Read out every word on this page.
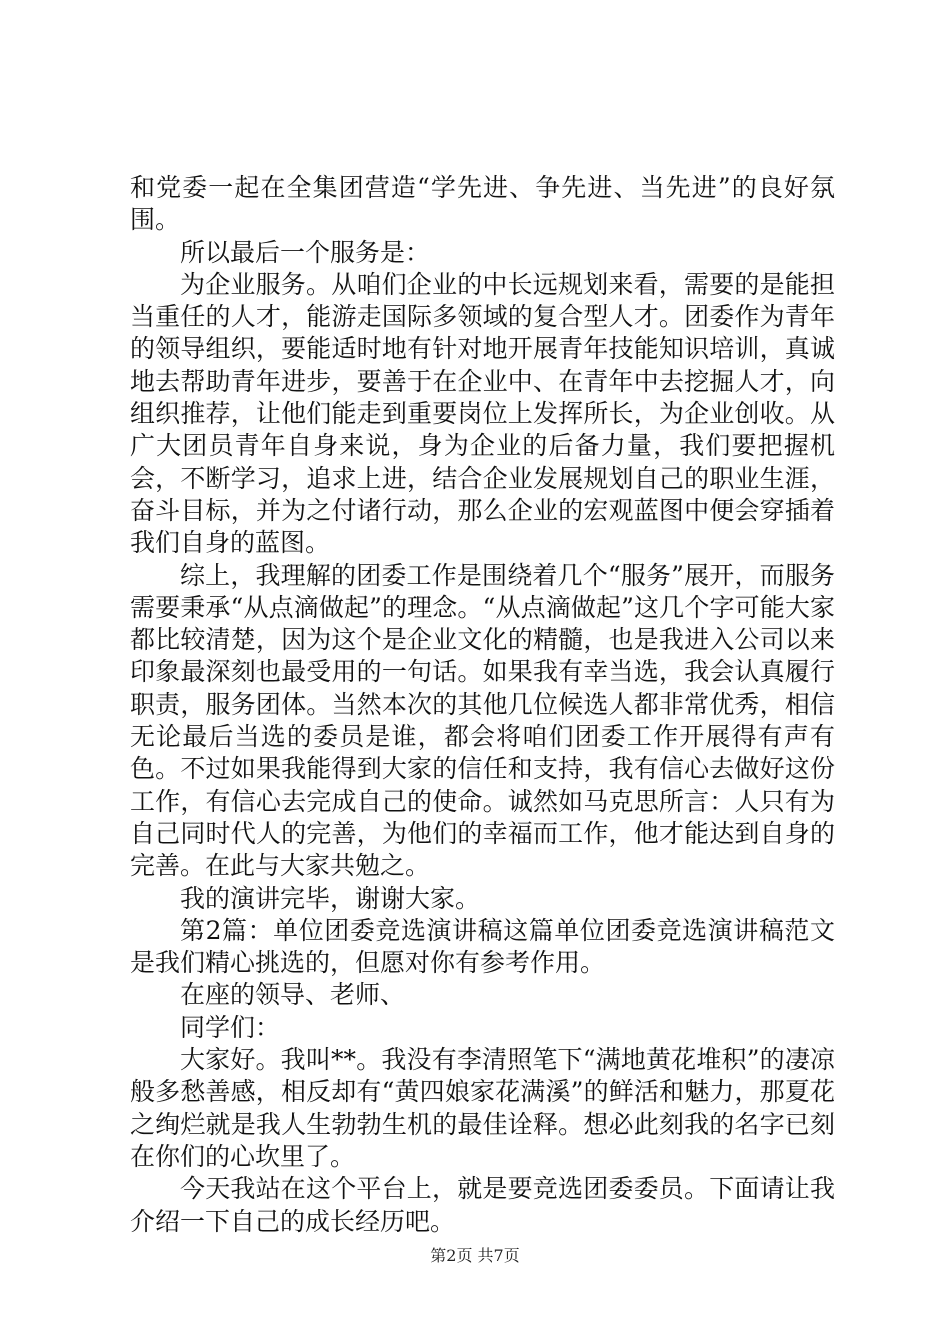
和党委一起在全集团营造“学先进、争先进、当先进”的良好氛围。

所以最后一个服务是：

为企业服务。从咱们企业的中长远规划来看，需要的是能担当重任的人才，能游走国际多领域的复合型人才。团委作为青年的领导组织，要能适时地有针对地开展青年技能知识培训，真诚地去帮助青年进步，要善于在企业中、在青年中去挖掘人才，向组织推荐，让他们能走到重要岗位上发挥所长，为企业创收。从广大团员青年自身来说，身为企业的后备力量，我们要把握机会，不断学习，追求上进，结合企业发展规划自己的职业生涯，奋斗目标，并为之付诸行动，那么企业的宏观蓝图中便会穿插着我们自身的蓝图。

综上，我理解的团委工作是围绕着几个“服务”展开，而服务需要秉承“从点滴做起”的理念。“从点滴做起”这几个字可能大家都比较清楚，因为这个是企业文化的精髓，也是我进入公司以来印象最深刻也最受用的一句话。如果我有幸当选，我会认真履行职责，服务团体。当然本次的其他几位候选人都非常优秀，相信无论最后当选的委员是谁，都会将咱们团委工作开展得有声有色。不过如果我能得到大家的信任和支持，我有信心去做好这份工作，有信心去完成自己的使命。诚然如马克思所言：人只有为自己同时代人的完善，为他们的幸福而工作，他才能达到自身的完善。在此与大家共勉之。

我的演讲完毕，谢谢大家。

第2篇：单位团委竞选演讲稿这篇单位团委竞选演讲稿范文是我们精心挑选的，但愿对你有参考作用。

在座的领导、老师、

同学们：

大家好。我叫**。我没有李清照笔下“满地黄花堆积”的凄凉般多愁善感，相反却有“黄四娘家花满溪”的鲜活和魅力，那夏花之绚烂就是我人生勃勃生机的最佳诠释。想必此刻我的名字已刻在你们的心坎里了。

今天我站在这个平台上，就是要竞选团委委员。下面请让我介绍一下自己的成长经历吧。

第2页 共7页
